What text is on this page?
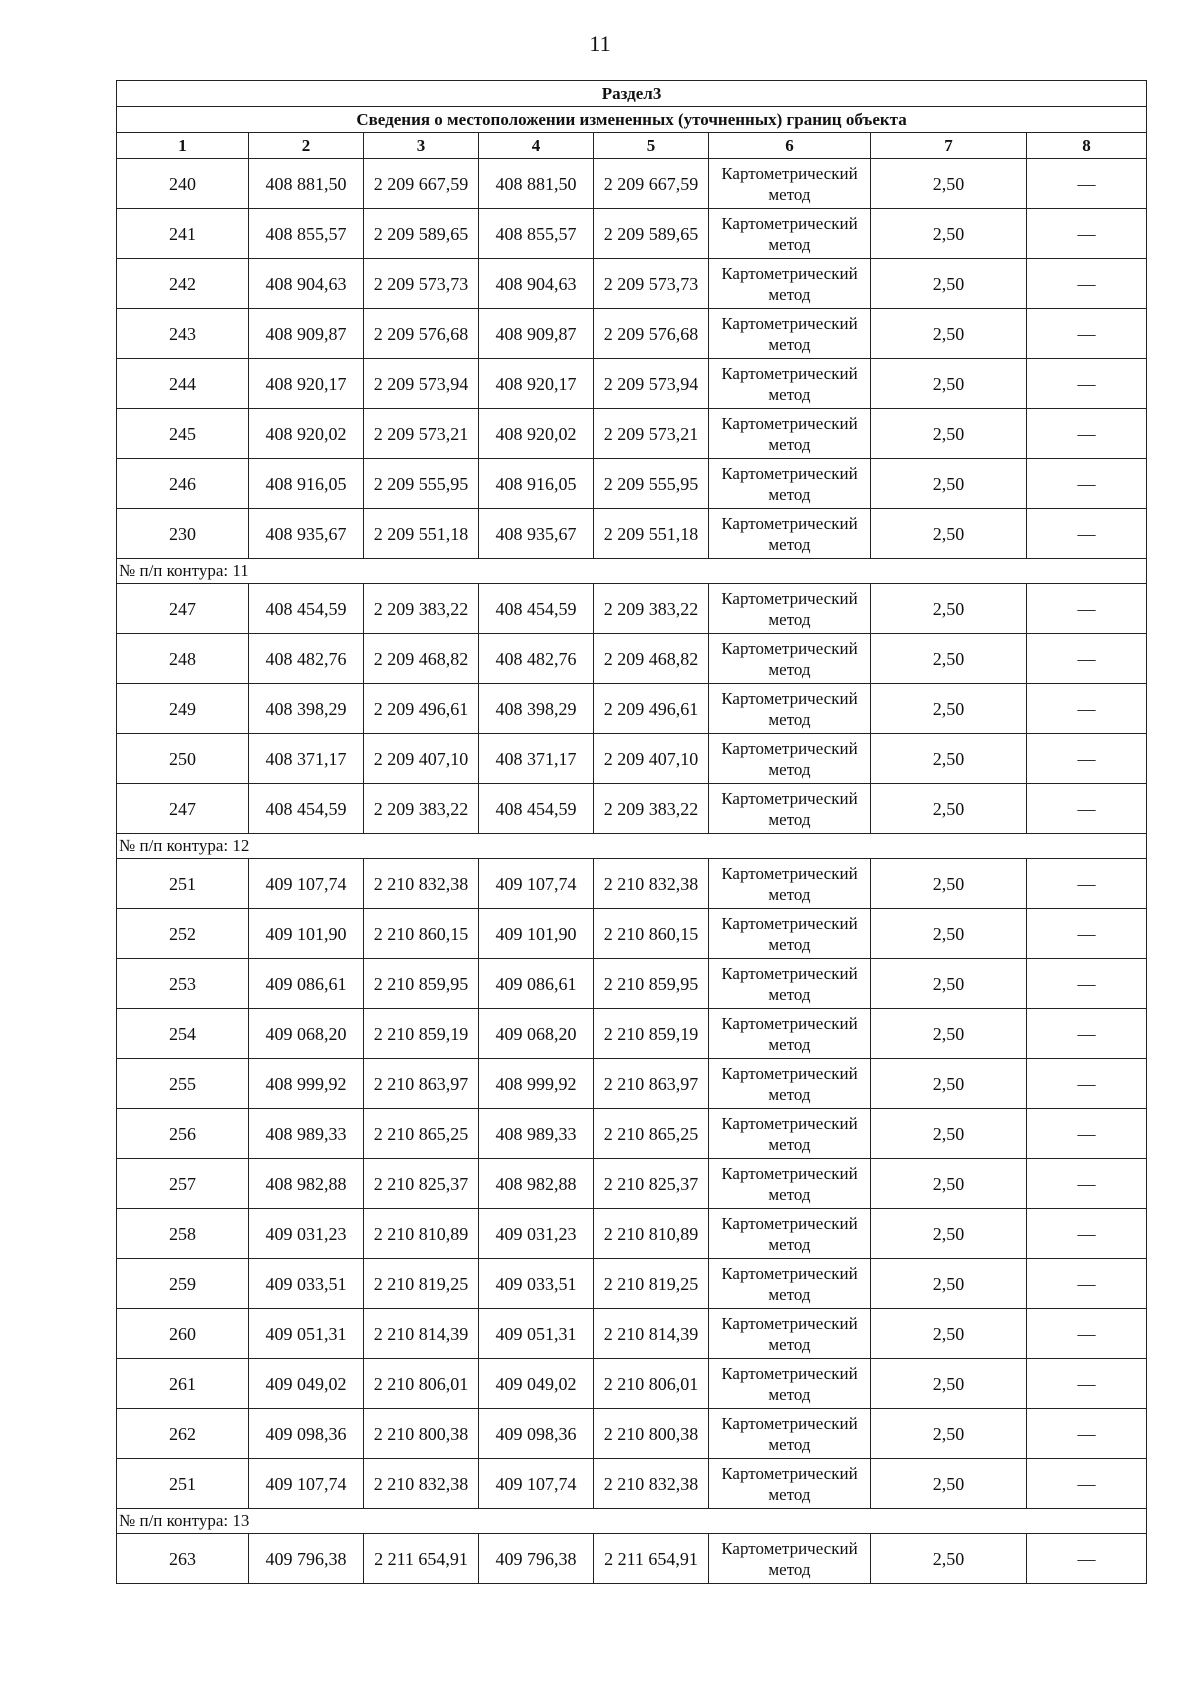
11
Раздел3							
Сведения о местоположении измененных (уточненных) границ объекта							
1	2	3	4	5	6	7	8
240	408 881,50	2 209 667,59	408 881,50	2 209 667,59	Картометрический метод	2,50	—
241	408 855,57	2 209 589,65	408 855,57	2 209 589,65	Картометрический метод	2,50	—
242	408 904,63	2 209 573,73	408 904,63	2 209 573,73	Картометрический метод	2,50	—
243	408 909,87	2 209 576,68	408 909,87	2 209 576,68	Картометрический метод	2,50	—
244	408 920,17	2 209 573,94	408 920,17	2 209 573,94	Картометрический метод	2,50	—
245	408 920,02	2 209 573,21	408 920,02	2 209 573,21	Картометрический метод	2,50	—
246	408 916,05	2 209 555,95	408 916,05	2 209 555,95	Картометрический метод	2,50	—
230	408 935,67	2 209 551,18	408 935,67	2 209 551,18	Картометрический метод	2,50	—
№ п/п контура: 11							
247	408 454,59	2 209 383,22	408 454,59	2 209 383,22	Картометрический метод	2,50	—
248	408 482,76	2 209 468,82	408 482,76	2 209 468,82	Картометрический метод	2,50	—
249	408 398,29	2 209 496,61	408 398,29	2 209 496,61	Картометрический метод	2,50	—
250	408 371,17	2 209 407,10	408 371,17	2 209 407,10	Картометрический метод	2,50	—
247	408 454,59	2 209 383,22	408 454,59	2 209 383,22	Картометрический метод	2,50	—
№ п/п контура: 12							
251	409 107,74	2 210 832,38	409 107,74	2 210 832,38	Картометрический метод	2,50	—
252	409 101,90	2 210 860,15	409 101,90	2 210 860,15	Картометрический метод	2,50	—
253	409 086,61	2 210 859,95	409 086,61	2 210 859,95	Картометрический метод	2,50	—
254	409 068,20	2 210 859,19	409 068,20	2 210 859,19	Картометрический метод	2,50	—
255	408 999,92	2 210 863,97	408 999,92	2 210 863,97	Картометрический метод	2,50	—
256	408 989,33	2 210 865,25	408 989,33	2 210 865,25	Картометрический метод	2,50	—
257	408 982,88	2 210 825,37	408 982,88	2 210 825,37	Картометрический метод	2,50	—
258	409 031,23	2 210 810,89	409 031,23	2 210 810,89	Картометрический метод	2,50	—
259	409 033,51	2 210 819,25	409 033,51	2 210 819,25	Картометрический метод	2,50	—
260	409 051,31	2 210 814,39	409 051,31	2 210 814,39	Картометрический метод	2,50	—
261	409 049,02	2 210 806,01	409 049,02	2 210 806,01	Картометрический метод	2,50	—
262	409 098,36	2 210 800,38	409 098,36	2 210 800,38	Картометрический метод	2,50	—
251	409 107,74	2 210 832,38	409 107,74	2 210 832,38	Картометрический метод	2,50	—
№ п/п контура: 13							
263	409 796,38	2 211 654,91	409 796,38	2 211 654,91	Картометрический метод	2,50	—
